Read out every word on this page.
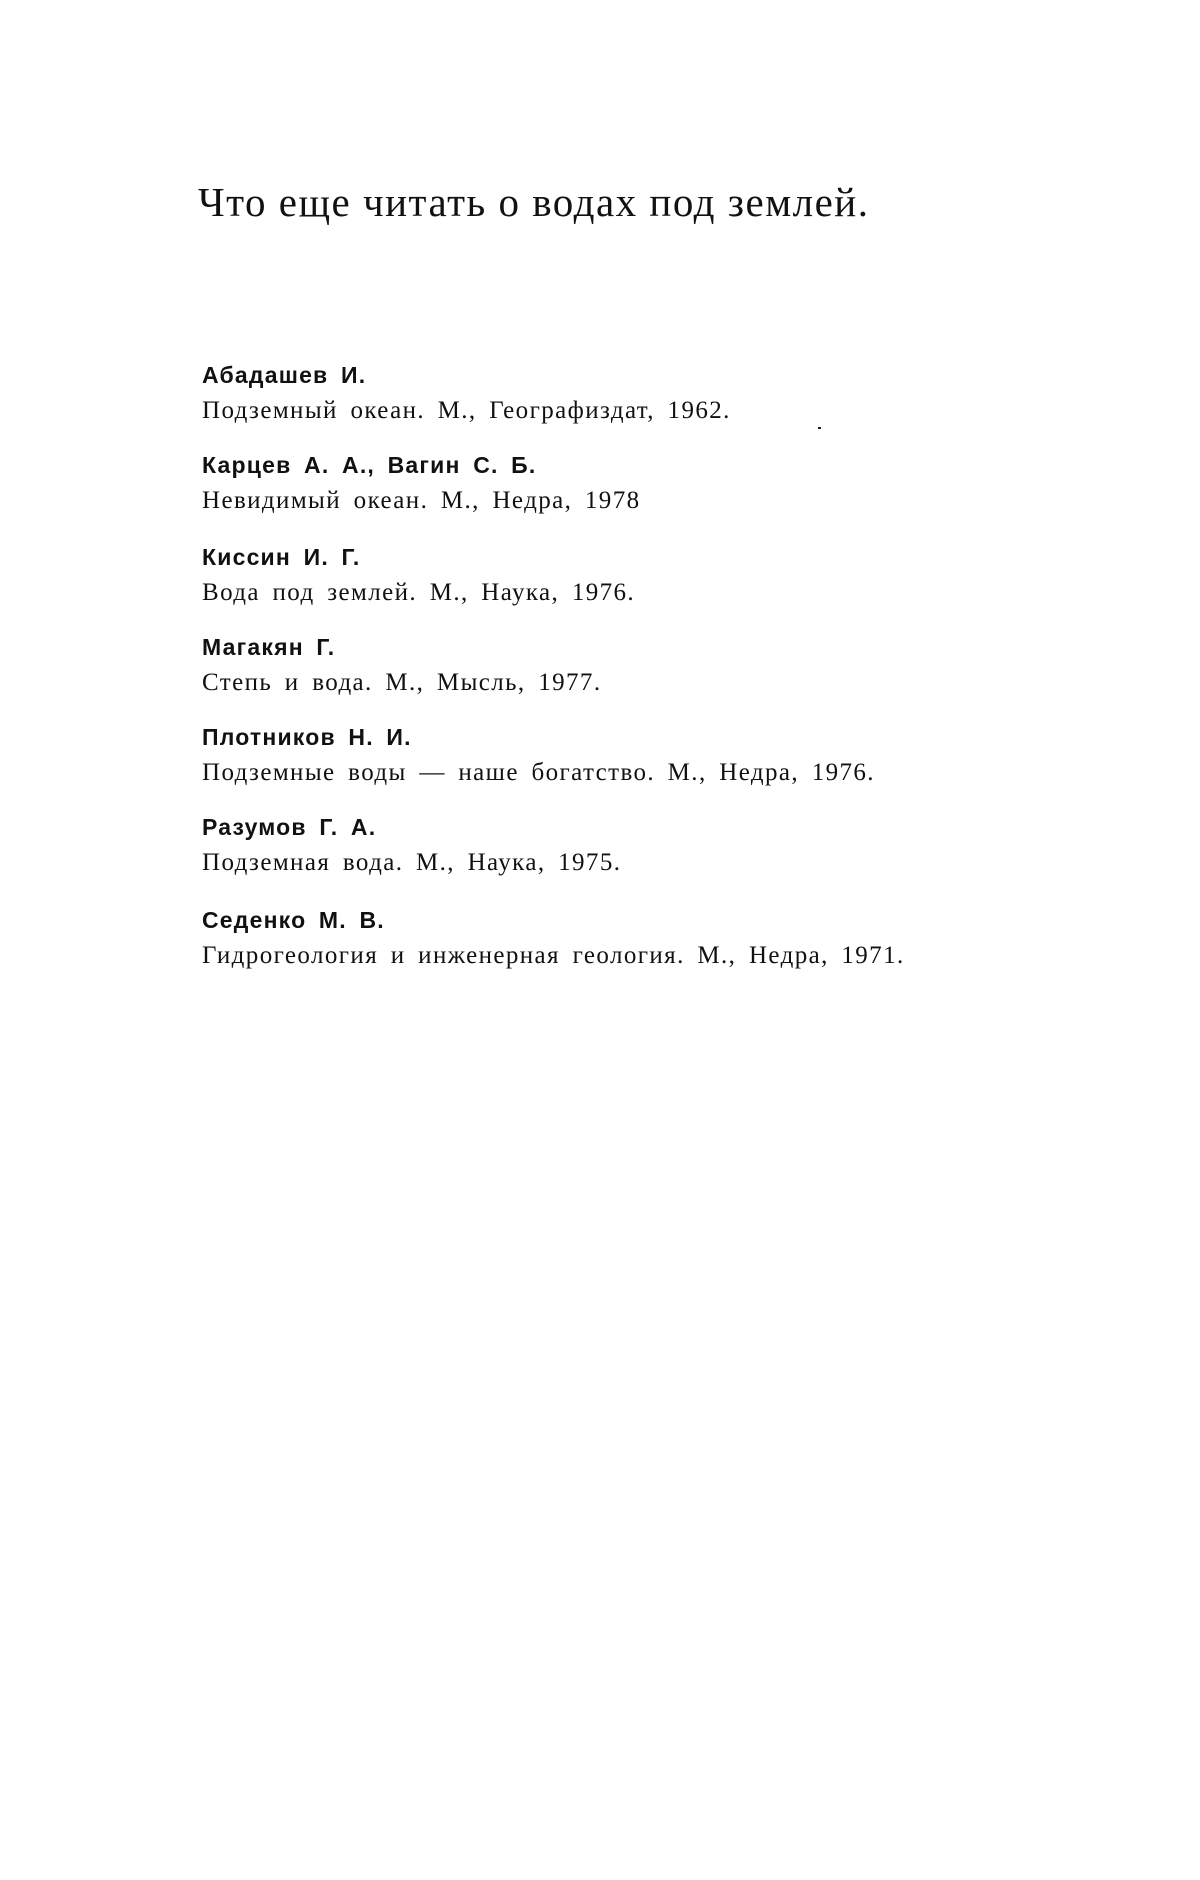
Что еще читать о водах под землей.
Абадашев И.
Подземный океан. М., Географиздат, 1962.
Карцев А. А., Вагин С. Б.
Невидимый океан. М., Недра, 1978
Киссин И. Г.
Вода под землей. М., Наука, 1976.
Магакян Г.
Степь и вода. М., Мысль, 1977.
Плотников Н. И.
Подземные воды — наше богатство. М., Недра, 1976.
Разумов Г. А.
Подземная вода. М., Наука, 1975.
Седенко М. В.
Гидрогеология и инженерная геология. М., Недра, 1971.
